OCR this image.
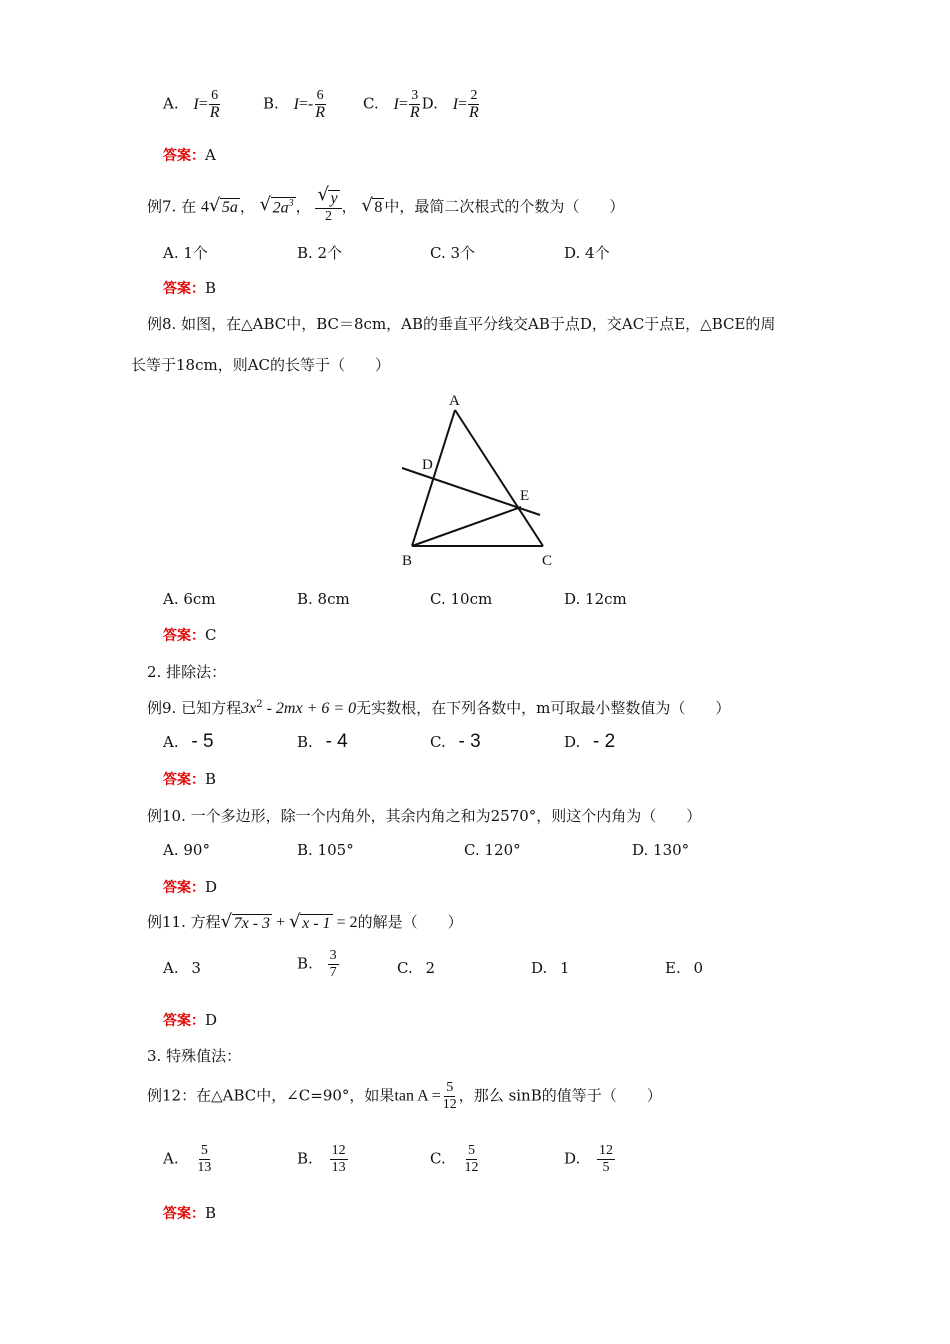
A. $I= \frac{6}{R}$	B. $I=- \frac{6}{R} C$. $I= \frac{3}{R} D$. $I= \frac{2}{R}$
答案：A
例7. 在 4 √ 5a ， √ $2a^3$ ， $\frac{√ y}{2}$ ， √ 8 中，最简二次根式的个数为（　　）
A. 1个	B. 2个	C. 3个	D. 4个
答案：B
例8. 如图，在△ABC中，BC＝8cm，AB的垂直平分线交AB于点D，交AC于点E，△BCE的周
长等于18cm，则AC的长等于（　　）
A
B	C
D
E
A. 6cm	B. 8cm	C. 10cm	D. 12cm
答案：C
2. 排除法：
例9. 已知方程$3x^2 - 2mx + 6 = 0$无实数根，在下列各数中，m可取最小整数值为（　　）
A. - 5	B. - 4	C. - 3	D. - 2
答案：B
例10. 一个多边形，除一个内角外，其余内角之和为2570°，则这个内角为（　　）
A. 90°	B. 105°	C. 120°	D. 130°
答案：D
例11. 方程 √ 7x - 3 + √ x - 1 = 2的解是（　　）
A. 3	B. $\frac{3}{7}$	C. 2	D. 1	E. 0
答案：D
3. 特殊值法：
例12：在△ABC中，∠C=90°，如果$\tan A = \frac{5}{12}$ ，那么 sinB的值等于（　　）
A. $\frac{5}{13}$	B. $\frac{12}{13}$	C. $\frac{5}{12}$	D. $\frac{12}{5}$
答案：B
